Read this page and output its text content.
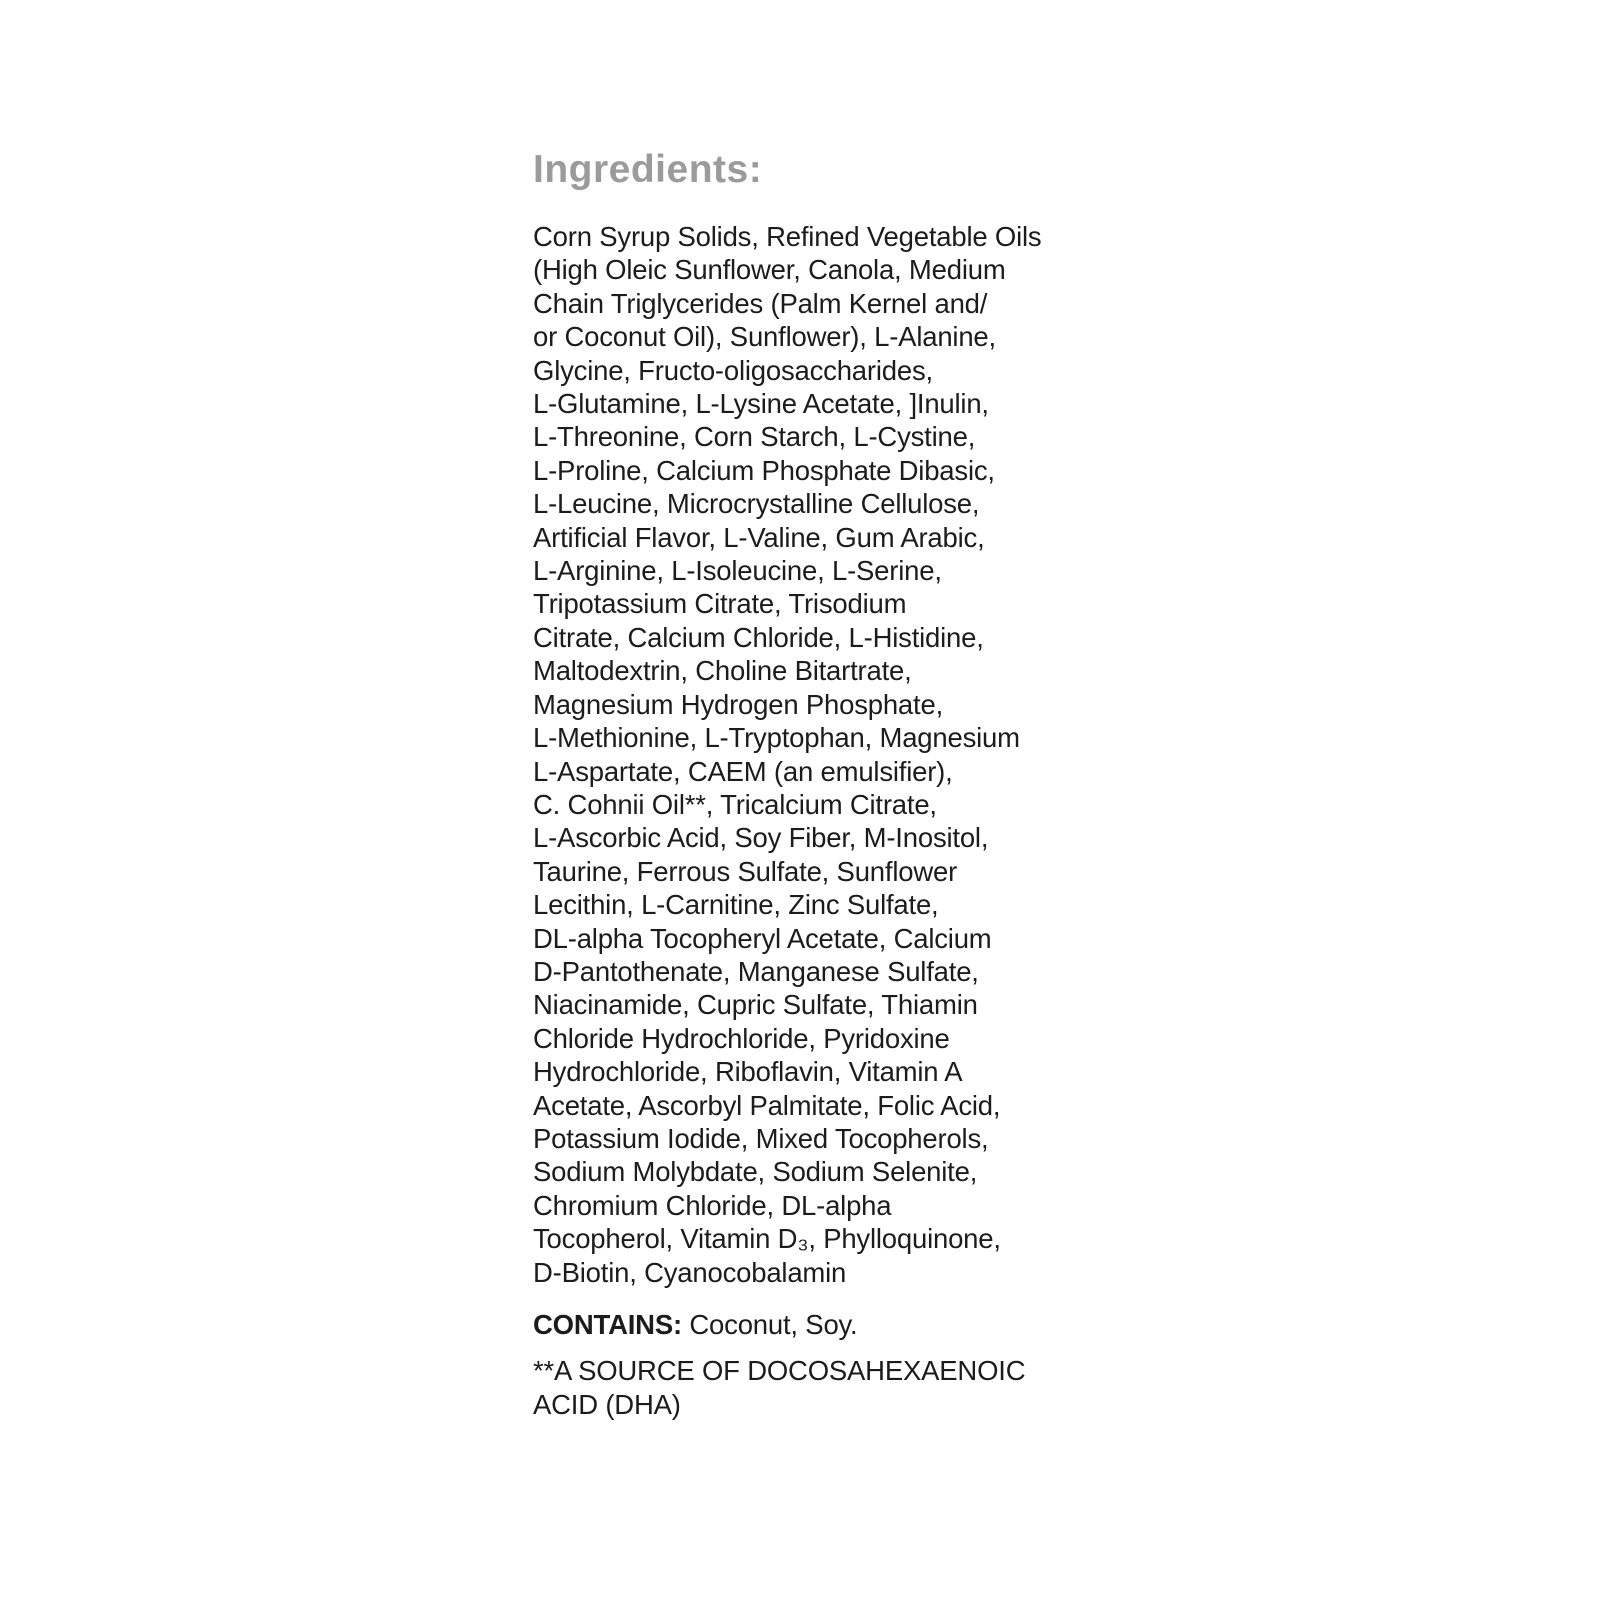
Ingredients:
Corn Syrup Solids, Refined Vegetable Oils
(High Oleic Sunflower, Canola, Medium
Chain Triglycerides (Palm Kernel and/
or Coconut Oil), Sunflower), L-Alanine,
Glycine, Fructo-oligosaccharides,
L-Glutamine, L-Lysine Acetate, ]Inulin,
L-Threonine, Corn Starch, L-Cystine,
L-Proline, Calcium Phosphate Dibasic,
L-Leucine, Microcrystalline Cellulose,
Artificial Flavor, L-Valine, Gum Arabic,
L-Arginine, L-Isoleucine, L-Serine,
Tripotassium Citrate, Trisodium
Citrate, Calcium Chloride, L-Histidine,
Maltodextrin, Choline Bitartrate,
Magnesium Hydrogen Phosphate,
L-Methionine, L-Tryptophan, Magnesium
L-Aspartate, CAEM (an emulsifier),
C. Cohnii Oil**, Tricalcium Citrate,
L-Ascorbic Acid, Soy Fiber, M-Inositol,
Taurine, Ferrous Sulfate, Sunflower
Lecithin, L-Carnitine, Zinc Sulfate,
DL-alpha Tocopheryl Acetate, Calcium
D-Pantothenate, Manganese Sulfate,
Niacinamide, Cupric Sulfate, Thiamin
Chloride Hydrochloride, Pyridoxine
Hydrochloride, Riboflavin, Vitamin A
Acetate, Ascorbyl Palmitate, Folic Acid,
Potassium Iodide, Mixed Tocopherols,
Sodium Molybdate, Sodium Selenite,
Chromium Chloride, DL-alpha
Tocopherol, Vitamin D₃, Phylloquinone,
D-Biotin, Cyanocobalamin
CONTAINS: Coconut, Soy.
**A SOURCE OF DOCOSAHEXAENOIC
ACID (DHA)
